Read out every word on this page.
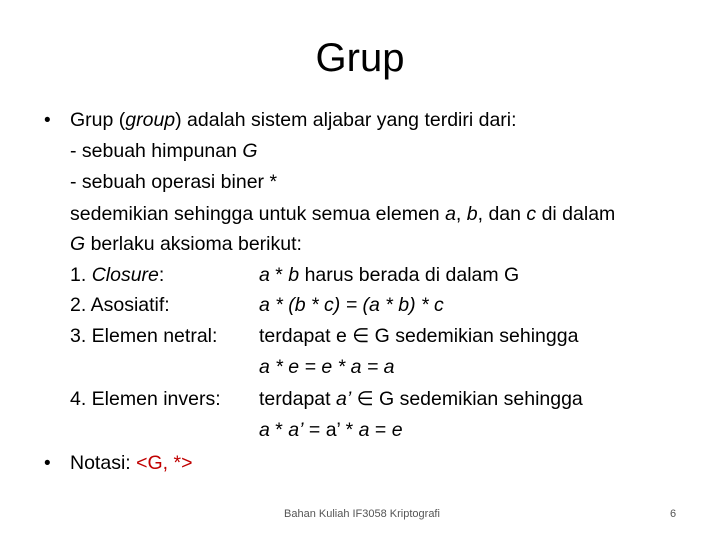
Grup
• Grup (group) adalah sistem aljabar yang terdiri dari:
- sebuah himpunan G
- sebuah operasi biner *
sedemikian sehingga untuk semua elemen a, b, dan c di dalam
G berlaku aksioma berikut:
1. Closure:	a * b harus berada di dalam G
2. Asosiatif:	a * (b * c) = (a * b) * c
3. Elemen netral: terdapat e ∈ G sedemikian sehingga
a * e = e * a = a
4. Elemen invers: terdapat a’ ∈ G sedemikian sehingga
a * a’ = a’ * a = e
• Notasi: <G, *>
Bahan Kuliah IF3058 Kriptografi	6
